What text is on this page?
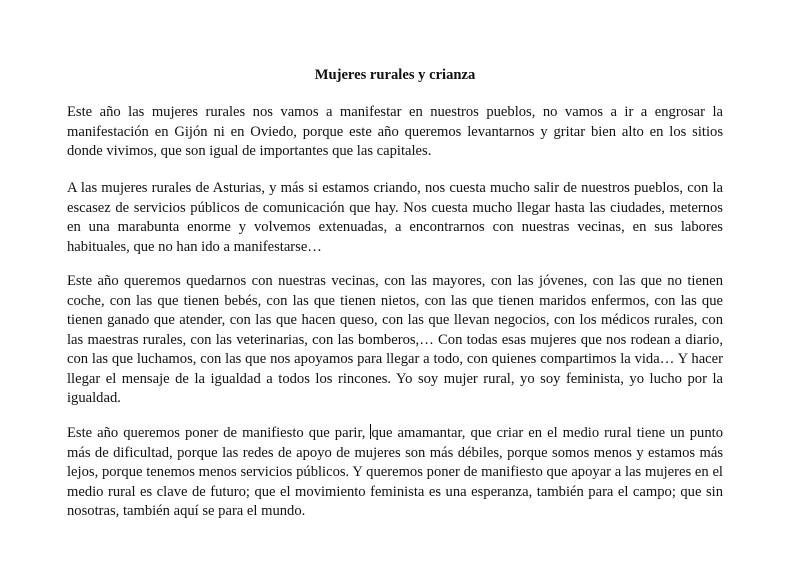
Mujeres rurales y crianza

Este año las mujeres rurales nos vamos a manifestar en nuestros pueblos, no vamos a ir a engrosar la manifestación en Gijón ni en Oviedo, porque este año queremos levantarnos y gritar bien alto en los sitios donde vivimos, que son igual de importantes que las capitales.

A las mujeres rurales de Asturias, y más si estamos criando, nos cuesta mucho salir de nuestros pueblos, con la escasez de servicios públicos de comunicación que hay. Nos cuesta mucho llegar hasta las ciudades, meternos en una marabunta enorme y volvemos extenuadas, a encontrarnos con nuestras vecinas, en sus labores habituales, que no han ido a manifestarse…

Este año queremos quedarnos con nuestras vecinas, con las mayores, con las jóvenes, con las que no tienen coche, con las que tienen bebés, con las que tienen nietos, con las que tienen maridos enfermos, con las que tienen ganado que atender, con las que hacen queso, con las que llevan negocios, con los médicos rurales, con las maestras rurales, con las veterinarias, con las bomberos,… Con todas esas mujeres que nos rodean a diario, con las que luchamos, con las que nos apoyamos para llegar a todo, con quienes compartimos la vida… Y hacer llegar el mensaje de la igualdad a todos los rincones. Yo soy mujer rural, yo soy feminista, yo lucho por la igualdad.

Este año queremos poner de manifiesto que parir, que amamantar, que criar en el medio rural tiene un punto más de dificultad, porque las redes de apoyo de mujeres son más débiles, porque somos menos y estamos más lejos, porque tenemos menos servicios públicos. Y queremos poner de manifiesto que apoyar a las mujeres en el medio rural es clave de futuro; que el movimiento feminista es una esperanza, también para el campo; que sin nosotras, también aquí se para el mundo.
